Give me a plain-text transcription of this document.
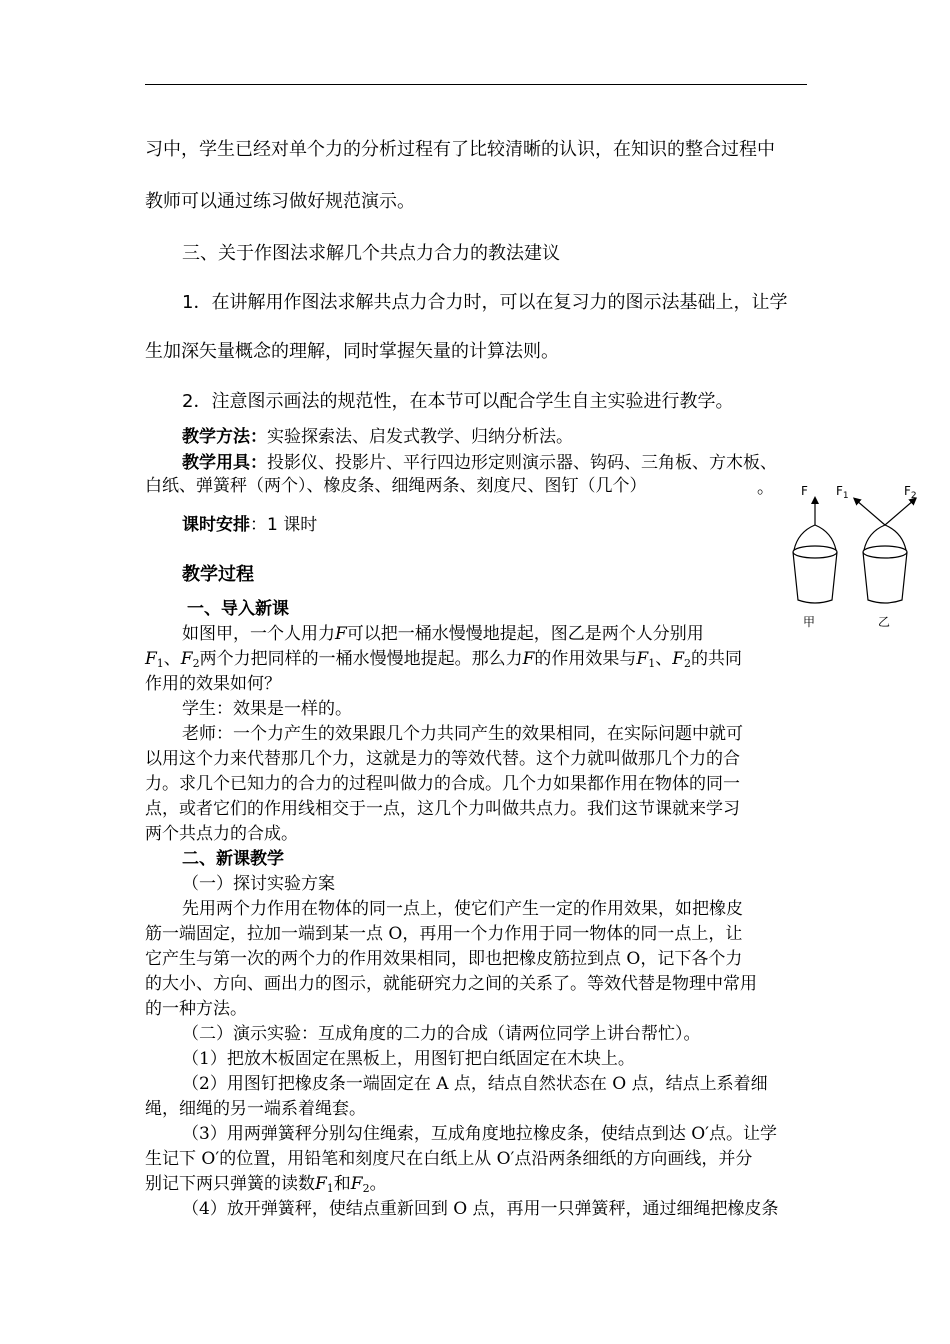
习中，学生已经对单个力的分析过程有了比较清晰的认识，在知识的整合过程中
教师可以通过练习做好规范演示。
三、关于作图法求解几个共点力合力的教法建议
1．在讲解用作图法求解共点力合力时，可以在复习力的图示法基础上，让学
生加深矢量概念的理解，同时掌握矢量的计算法则。
2．注意图示画法的规范性，在本节可以配合学生自主实验进行教学。
教学方法：实验探索法、启发式教学、归纳分析法。
教学用具：投影仪、投影片、平行四边形定则演示器、钩码、三角板、方木板、
白纸、弹簧秤（两个）、橡皮条、细绳两条、刻度尺、图钉（几个）	。
课时安排：1 课时
教学过程
一、导入新课
如图甲，一个人用力F可以把一桶水慢慢地提起，图乙是两个人分别用
$F_1$、$F_2$两个力把同样的一桶水慢慢地提起。那么力F的作用效果与$F_1$、$F_2$的共同
作用的效果如何？
学生：效果是一样的。
老师：一个力产生的效果跟几个力共同产生的效果相同，在实际问题中就可
以用这个力来代替那几个力，这就是力的等效代替。这个力就叫做那几个力的合
力。求几个已知力的合力的过程叫做力的合成。几个力如果都作用在物体的同一
点，或者它们的作用线相交于一点，这几个力叫做共点力。我们这节课就来学习
两个共点力的合成。
二、新课教学
（一）探讨实验方案
先用两个力作用在物体的同一点上，使它们产生一定的作用效果，如把橡皮
筋一端固定，拉加一端到某一点 O，再用一个力作用于同一物体的同一点上，让
它产生与第一次的两个力的作用效果相同，即也把橡皮筋拉到点 O，记下各个力
的大小、方向、画出力的图示，就能研究力之间的关系了。等效代替是物理中常用
的一种方法。
（二）演示实验：互成角度的二力的合成（请两位同学上讲台帮忙）。
（1）把放木板固定在黑板上，用图钉把白纸固定在木块上。
（2）用图钉把橡皮条一端固定在 A 点，结点自然状态在 O 点，结点上系着细
绳，细绳的另一端系着绳套。
（3）用两弹簧秤分别勾住绳索，互成角度地拉橡皮条，使结点到达 O′点。让学
生记下 O′的位置，用铅笔和刻度尺在白纸上从 O′点沿两条细纸的方向画线，并分
别记下两只弹簧的读数$F_1$和$F_2$。
（4）放开弹簧秤，使结点重新回到 O 点，再用一只弹簧秤，通过细绳把橡皮条
F
甲
$F_1$	$F_2$
乙
